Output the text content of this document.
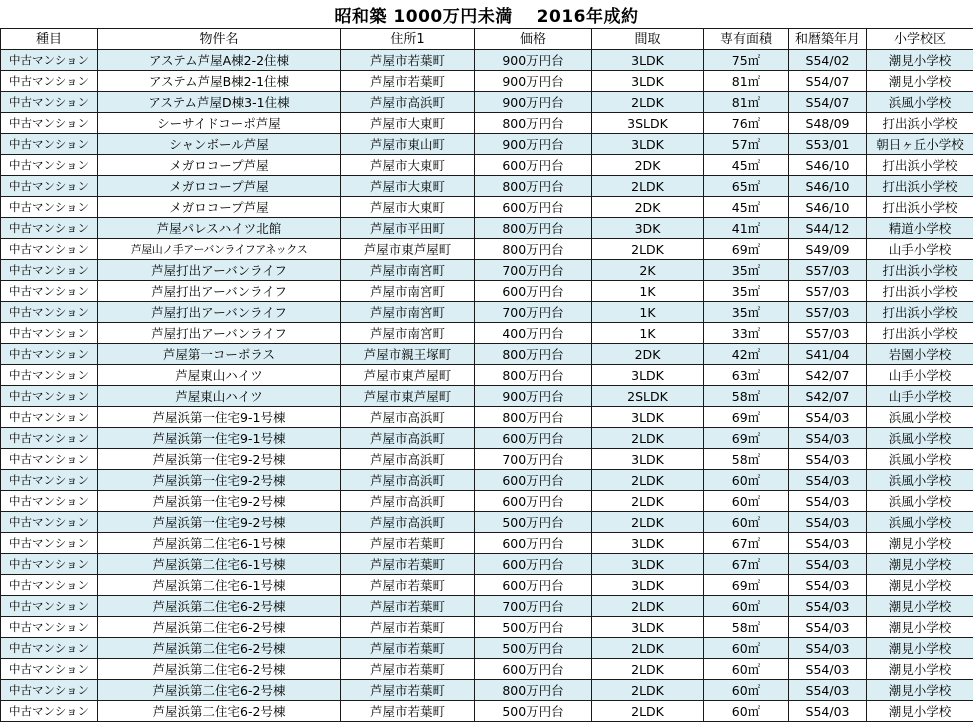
昭和築 1000万円未満　 2016年成約
種目	物件名	住所1	価格	間取	専有面積	和暦築年月	小学校区
中古マンション	アステム芦屋A棟2-2住棟	芦屋市若葉町	900万円台	3LDK	75㎡	S54/02	潮見小学校
中古マンション	アステム芦屋B棟2-1住棟	芦屋市若葉町	900万円台	3LDK	81㎡	S54/07	潮見小学校
中古マンション	アステム芦屋D棟3-1住棟	芦屋市高浜町	900万円台	2LDK	81㎡	S54/07	浜風小学校
中古マンション	シーサイドコーポ芦屋	芦屋市大東町	800万円台	3SLDK	76㎡	S48/09	打出浜小学校
中古マンション	シャンボール芦屋	芦屋市東山町	900万円台	3LDK	57㎡	S53/01	朝日ヶ丘小学校
中古マンション	メガロコープ芦屋	芦屋市大東町	600万円台	2DK	45㎡	S46/10	打出浜小学校
中古マンション	メガロコープ芦屋	芦屋市大東町	800万円台	2LDK	65㎡	S46/10	打出浜小学校
中古マンション	メガロコープ芦屋	芦屋市大東町	600万円台	2DK	45㎡	S46/10	打出浜小学校
中古マンション	芦屋パレスハイツ北館	芦屋市平田町	800万円台	3DK	41㎡	S44/12	精道小学校
中古マンション	芦屋山ノ手アーバンライフアネックス	芦屋市東芦屋町	800万円台	2LDK	69㎡	S49/09	山手小学校
中古マンション	芦屋打出アーバンライフ	芦屋市南宮町	700万円台	2K	35㎡	S57/03	打出浜小学校
中古マンション	芦屋打出アーバンライフ	芦屋市南宮町	600万円台	1K	35㎡	S57/03	打出浜小学校
中古マンション	芦屋打出アーバンライフ	芦屋市南宮町	700万円台	1K	35㎡	S57/03	打出浜小学校
中古マンション	芦屋打出アーバンライフ	芦屋市南宮町	400万円台	1K	33㎡	S57/03	打出浜小学校
中古マンション	芦屋第一コーポラス	芦屋市親王塚町	800万円台	2DK	42㎡	S41/04	岩園小学校
中古マンション	芦屋東山ハイツ	芦屋市東芦屋町	800万円台	3LDK	63㎡	S42/07	山手小学校
中古マンション	芦屋東山ハイツ	芦屋市東芦屋町	900万円台	2SLDK	58㎡	S42/07	山手小学校
中古マンション	芦屋浜第一住宅9-1号棟	芦屋市高浜町	800万円台	3LDK	69㎡	S54/03	浜風小学校
中古マンション	芦屋浜第一住宅9-1号棟	芦屋市高浜町	600万円台	2LDK	69㎡	S54/03	浜風小学校
中古マンション	芦屋浜第一住宅9-2号棟	芦屋市高浜町	700万円台	3LDK	58㎡	S54/03	浜風小学校
中古マンション	芦屋浜第一住宅9-2号棟	芦屋市高浜町	600万円台	2LDK	60㎡	S54/03	浜風小学校
中古マンション	芦屋浜第一住宅9-2号棟	芦屋市高浜町	600万円台	2LDK	60㎡	S54/03	浜風小学校
中古マンション	芦屋浜第一住宅9-2号棟	芦屋市高浜町	500万円台	2LDK	60㎡	S54/03	浜風小学校
中古マンション	芦屋浜第二住宅6-1号棟	芦屋市若葉町	600万円台	3LDK	67㎡	S54/03	潮見小学校
中古マンション	芦屋浜第二住宅6-1号棟	芦屋市若葉町	600万円台	3LDK	67㎡	S54/03	潮見小学校
中古マンション	芦屋浜第二住宅6-1号棟	芦屋市若葉町	600万円台	3LDK	69㎡	S54/03	潮見小学校
中古マンション	芦屋浜第二住宅6-2号棟	芦屋市若葉町	700万円台	2LDK	60㎡	S54/03	潮見小学校
中古マンション	芦屋浜第二住宅6-2号棟	芦屋市若葉町	500万円台	3LDK	58㎡	S54/03	潮見小学校
中古マンション	芦屋浜第二住宅6-2号棟	芦屋市若葉町	500万円台	2LDK	60㎡	S54/03	潮見小学校
中古マンション	芦屋浜第二住宅6-2号棟	芦屋市若葉町	600万円台	2LDK	60㎡	S54/03	潮見小学校
中古マンション	芦屋浜第二住宅6-2号棟	芦屋市若葉町	800万円台	2LDK	60㎡	S54/03	潮見小学校
中古マンション	芦屋浜第二住宅6-2号棟	芦屋市若葉町	500万円台	2LDK	60㎡	S54/03	潮見小学校
